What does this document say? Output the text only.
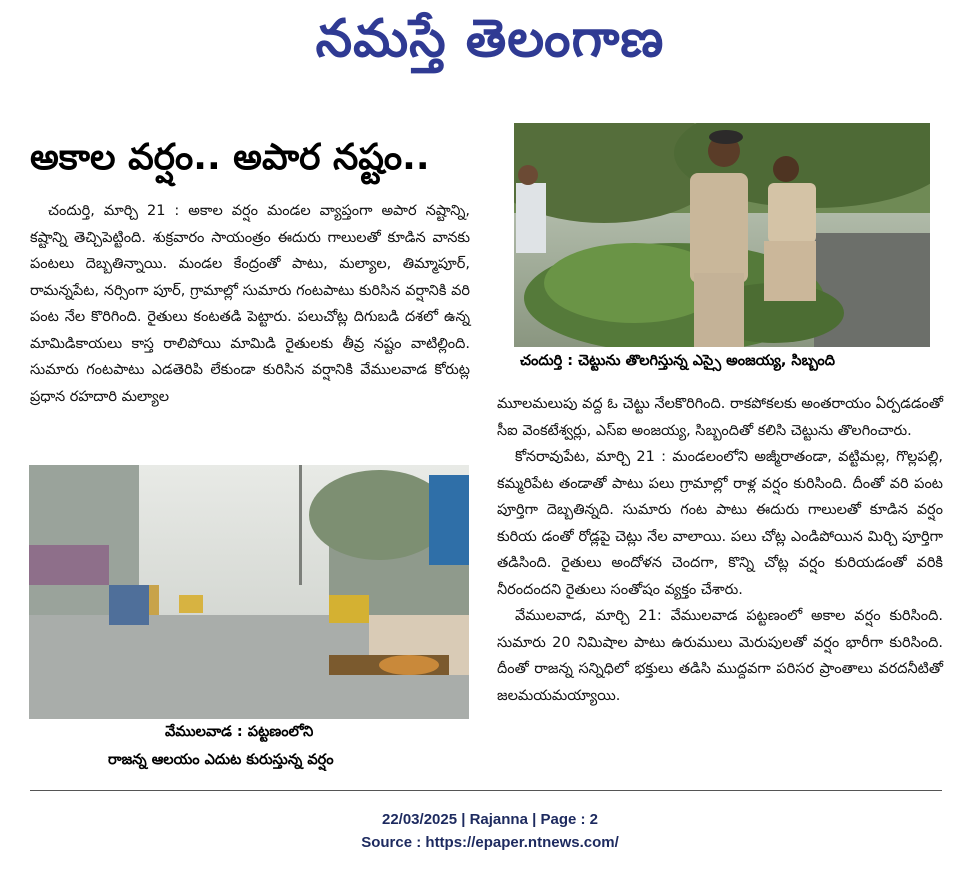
నమస్తే తెలంగాణ
అకాల వర్షం.. అపార నష్టం..
చందుర్తి : చెట్టును తొలగిస్తున్న ఎస్సై అంజయ్య, సిబ్బంది

చందుర్తి, మార్చి 21 : అకాల వర్షం మండల వ్యాప్తంగా అపార నష్టాన్ని, కష్టాన్ని తెచ్చిపెట్టింది. శుక్రవారం సాయంత్రం ఈదురు గాలులతో కూడిన వానకు పంటలు దెబ్బతిన్నాయి. మండల కేంద్రంతో పాటు, మల్యాల, తిమ్మాపూర్, రామన్నపేట, నర్సింగా పూర్, గ్రామాల్లో సుమారు గంటపాటు కురిసిన వర్షానికి వరి పంట నేల కొరిగింది. రైతులు కంటతడి పెట్టారు. పలుచోట్ల దిగుబడి దశలో ఉన్న మామిడికాయలు కాస్త రాలిపోయి మామిడి రైతులకు తీవ్ర నష్టం వాటిల్లింది. సుమారు గంటపాటు ఎడతెరిపి లేకుండా కురిసిన వర్షానికి వేములవాడ కోరుట్ల ప్రధాన రహదారి మల్యాల

వేములవాడ : పట్టణంలోని
రాజన్న ఆలయం ఎదుట కురుస్తున్న వర్షం

మూలమలుపు వద్ద ఓ చెట్టు నేలకొరిగింది. రాకపోకలకు అంతరాయం ఏర్పడడంతో సీఐ వెంకటేశ్వర్లు, ఎస్ఐ అంజయ్య, సిబ్బందితో కలిసి చెట్టును తొలగించారు.

కోనరావుపేట, మార్చి 21 : మండలంలోని అజ్మీరాతండా, వట్టిమల్ల, గొల్లపల్లి, కమ్మరిపేట తండాతో పాటు పలు గ్రామాల్లో రాళ్ల వర్షం కురిసింది. దీంతో వరి పంట పూర్తిగా దెబ్బతిన్నది. సుమారు గంట పాటు ఈదురు గాలులతో కూడిన వర్షం కురియ డంతో రోడ్లపై చెట్లు నేల వాలాయి. పలు చోట్ల ఎండిపోయిన మిర్చి పూర్తిగా తడిసింది. రైతులు అందోళన చెందగా, కొన్ని చోట్ల వర్షం కురియడంతో వరికి నీరందందని రైతులు సంతోషం వ్యక్తం చేశారు.

వేములవాడ, మార్చి 21: వేములవాడ పట్టణంలో అకాల వర్షం కురిసింది. సుమారు 20 నిమిషాల పాటు ఉరుములు మెరుపులతో వర్షం భారీగా కురిసింది. దీంతో రాజన్న సన్నిధిలో భక్తులు తడిసి ముద్దవగా పరిసర ప్రాంతాలు వరదనీటితో జలమయమయ్యాయి.

22/03/2025 | Rajanna | Page : 2
Source : https://epaper.ntnews.com/
